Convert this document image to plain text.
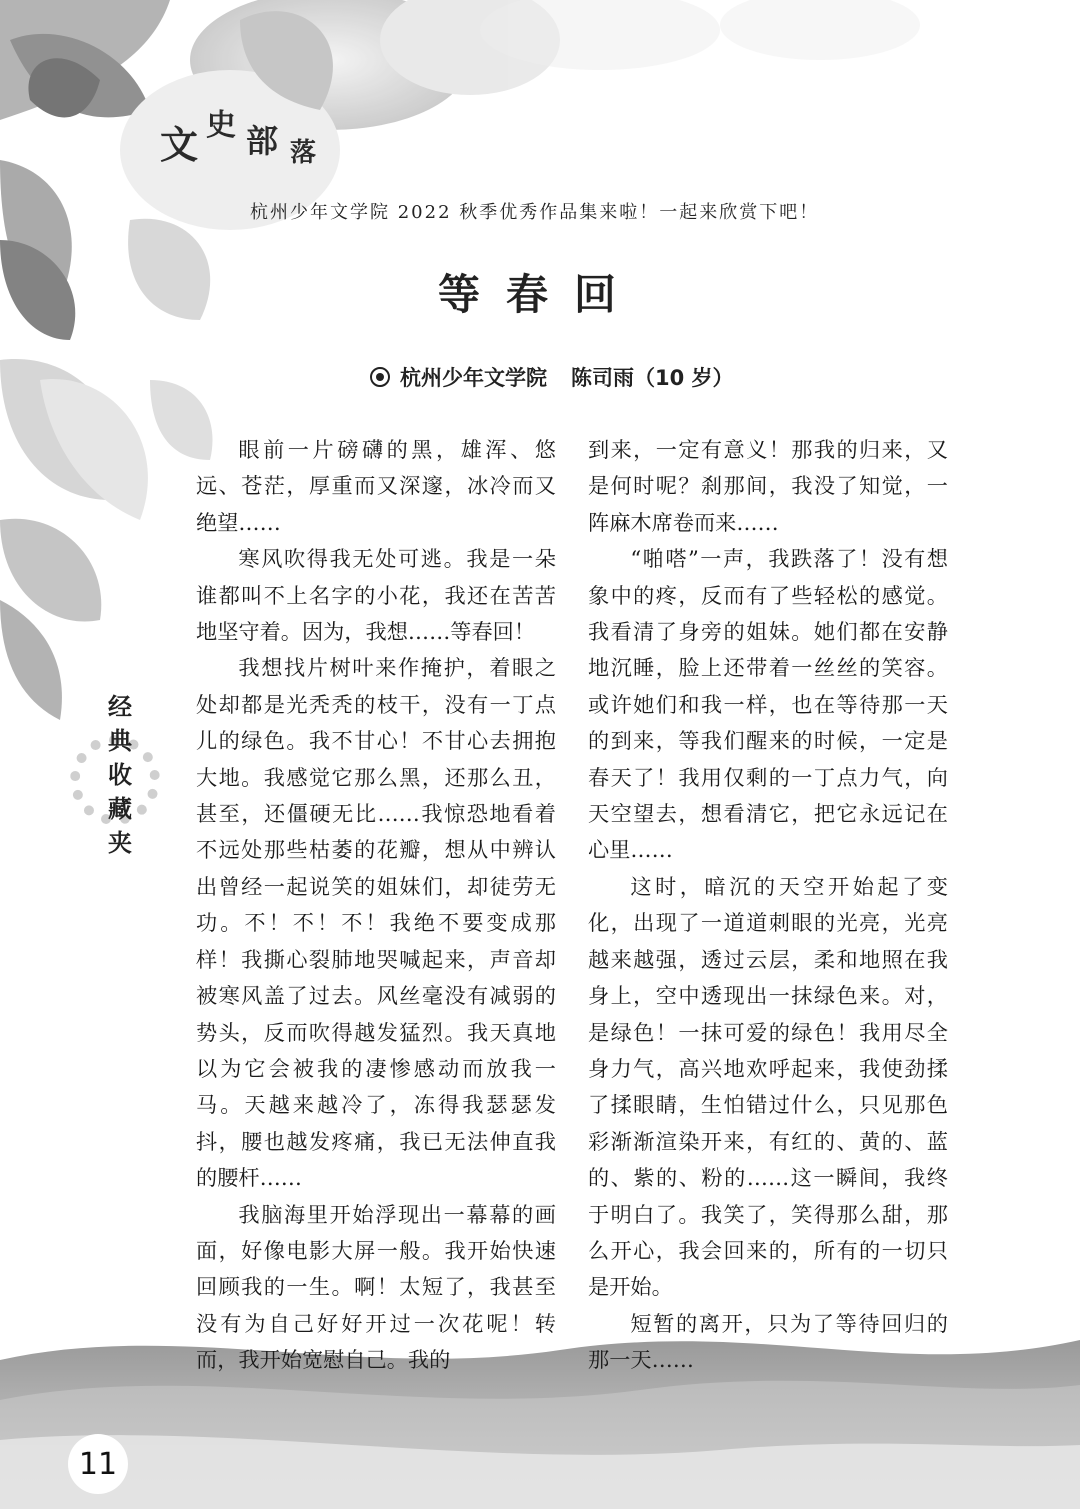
文 史 部 落
杭州少年文学院 2022 秋季优秀作品集来啦！一起来欣赏下吧！
等春回
杭州少年文学院 陈司雨（10 岁）
经
典
收
藏
夹

眼前一片磅礴的黑，雄浑、悠远、苍茫，厚重而又深邃，冰冷而又绝望……

寒风吹得我无处可逃。我是一朵谁都叫不上名字的小花，我还在苦苦地坚守着。因为，我想……等春回！

我想找片树叶来作掩护，着眼之处却都是光秃秃的枝干，没有一丁点儿的绿色。我不甘心！不甘心去拥抱大地。我感觉它那么黑，还那么丑，甚至，还僵硬无比……我惊恐地看着不远处那些枯萎的花瓣，想从中辨认出曾经一起说笑的姐妹们，却徒劳无功。不！不！不！我绝不要变成那样！我撕心裂肺地哭喊起来，声音却被寒风盖了过去。风丝毫没有减弱的势头，反而吹得越发猛烈。我天真地以为它会被我的凄惨感动而放我一马。天越来越冷了，冻得我瑟瑟发抖，腰也越发疼痛，我已无法伸直我的腰杆……

我脑海里开始浮现出一幕幕的画面，好像电影大屏一般。我开始快速回顾我的一生。啊！太短了，我甚至没有为自己好好开过一次花呢！转而，我开始宽慰自己。我的

到来，一定有意义！那我的归来，又是何时呢？刹那间，我没了知觉，一阵麻木席卷而来……

“啪嗒”一声，我跌落了！没有想象中的疼，反而有了些轻松的感觉。我看清了身旁的姐妹。她们都在安静地沉睡，脸上还带着一丝丝的笑容。或许她们和我一样，也在等待那一天的到来，等我们醒来的时候，一定是春天了！我用仅剩的一丁点力气，向天空望去，想看清它，把它永远记在心里……

这时，暗沉的天空开始起了变化，出现了一道道刺眼的光亮，光亮越来越强，透过云层，柔和地照在我身上，空中透现出一抹绿色来。对，是绿色！一抹可爱的绿色！我用尽全身力气，高兴地欢呼起来，我使劲揉了揉眼睛，生怕错过什么，只见那色彩渐渐渲染开来，有红的、黄的、蓝的、紫的、粉的……这一瞬间，我终于明白了。我笑了，笑得那么甜，那么开心，我会回来的，所有的一切只是开始。

短暂的离开，只为了等待回归的那一天……

11
